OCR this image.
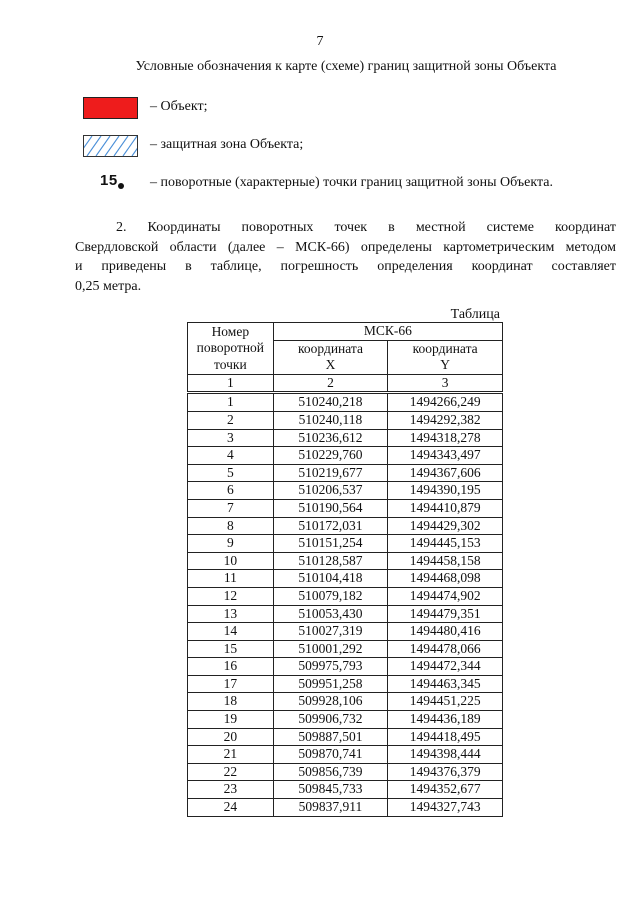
7
Условные обозначения к карте (схеме) границ защитной зоны Объекта
– Объект;
– защитная зона Объекта;
15 – поворотные (характерные) точки границ защитной зоны Объекта.
2. Координаты поворотных точек в местной системе координат
Свердловской области (далее – МСК-66) определены картометрическим методом
и приведены в таблице, погрешность определения координат составляет
0,25 метра.
Таблица
Номер поворотной точки	МСК-66	
	координата X	координата Y
1	2	3
1	510240,218	1494266,249
2	510240,118	1494292,382
3	510236,612	1494318,278
4	510229,760	1494343,497
5	510219,677	1494367,606
6	510206,537	1494390,195
7	510190,564	1494410,879
8	510172,031	1494429,302
9	510151,254	1494445,153
10	510128,587	1494458,158
11	510104,418	1494468,098
12	510079,182	1494474,902
13	510053,430	1494479,351
14	510027,319	1494480,416
15	510001,292	1494478,066
16	509975,793	1494472,344
17	509951,258	1494463,345
18	509928,106	1494451,225
19	509906,732	1494436,189
20	509887,501	1494418,495
21	509870,741	1494398,444
22	509856,739	1494376,379
23	509845,733	1494352,677
24	509837,911	1494327,743
